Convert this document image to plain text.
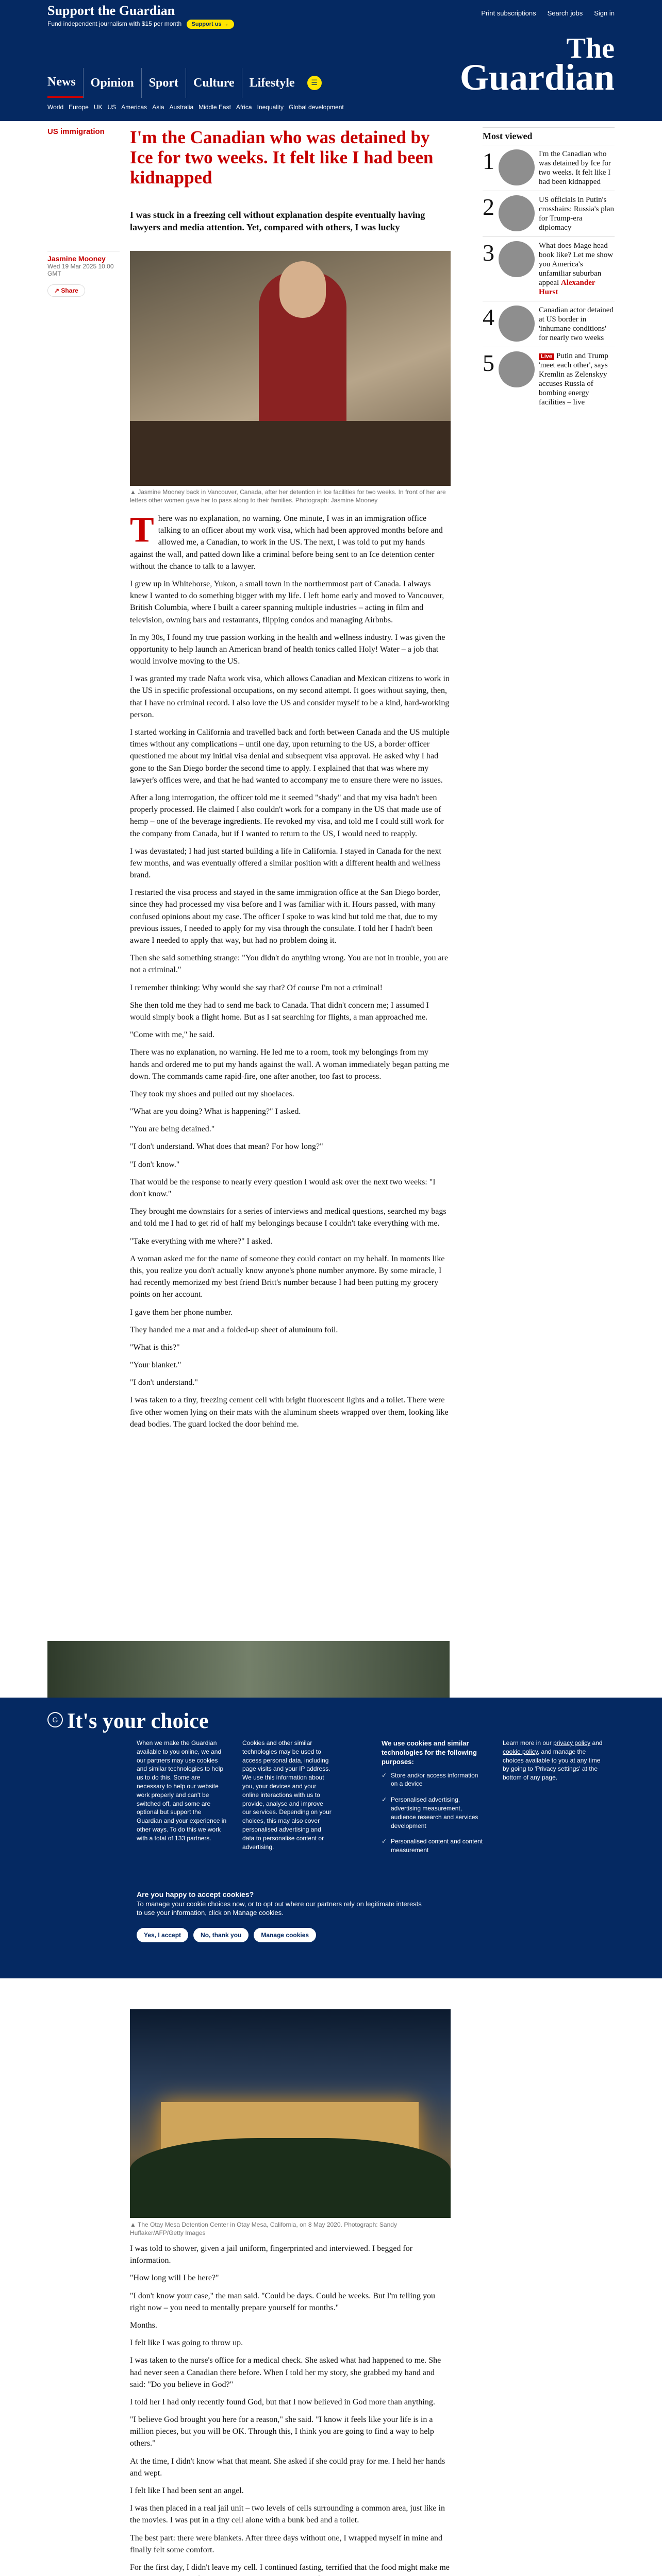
Support the Guardian
Fund independent journalism with $15 per month Support us →
Print subscriptions Search jobs Sign in
The
Guardian
News	Opinion	Sport	Culture	Lifestyle	☰
World Europe UK US Americas Asia Australia Middle East Africa Inequality Global development
US immigration I'm the Canadian who was detained by Ice for two weeks. It felt like I had been kidnapped
I was stuck in a freezing cell without explanation despite eventually having lawyers and media attention. Yet, compared with others, I was lucky
Jasmine Mooney
Wed 19 Mar 2025 10.00 GMT
↗ Share
▲ Jasmine Mooney back in Vancouver, Canada, after her detention in Ice facilities for two weeks. In front of her are letters other women gave her to pass along to their families. Photograph: Jasmine Mooney

There was no explanation, no warning. One minute, I was in an immigration office talking to an officer about my work visa, which had been approved months before and allowed me, a Canadian, to work in the US. The next, I was told to put my hands against the wall, and patted down like a criminal before being sent to an Ice detention center without the chance to talk to a lawyer.

I grew up in Whitehorse, Yukon, a small town in the northernmost part of Canada. I always knew I wanted to do something bigger with my life. I left home early and moved to Vancouver, British Columbia, where I built a career spanning multiple industries – acting in film and television, owning bars and restaurants, flipping condos and managing Airbnbs.

In my 30s, I found my true passion working in the health and wellness industry. I was given the opportunity to help launch an American brand of health tonics called Holy! Water – a job that would involve moving to the US.

I was granted my trade Nafta work visa, which allows Canadian and Mexican citizens to work in the US in specific professional occupations, on my second attempt. It goes without saying, then, that I have no criminal record. I also love the US and consider myself to be a kind, hard-working person.

I started working in California and travelled back and forth between Canada and the US multiple times without any complications – until one day, upon returning to the US, a border officer questioned me about my initial visa denial and subsequent visa approval. He asked why I had gone to the San Diego border the second time to apply. I explained that that was where my lawyer's offices were, and that he had wanted to accompany me to ensure there were no issues.

After a long interrogation, the officer told me it seemed "shady" and that my visa hadn't been properly processed. He claimed I also couldn't work for a company in the US that made use of hemp – one of the beverage ingredients. He revoked my visa, and told me I could still work for the company from Canada, but if I wanted to return to the US, I would need to reapply.

I was devastated; I had just started building a life in California. I stayed in Canada for the next few months, and was eventually offered a similar position with a different health and wellness brand.

I restarted the visa process and stayed in the same immigration office at the San Diego border, since they had processed my visa before and I was familiar with it. Hours passed, with many confused opinions about my case. The officer I spoke to was kind but told me that, due to my previous issues, I needed to apply for my visa through the consulate. I told her I hadn't been aware I needed to apply that way, but had no problem doing it.

Then she said something strange: "You didn't do anything wrong. You are not in trouble, you are not a criminal."

I remember thinking: Why would she say that? Of course I'm not a criminal!

She then told me they had to send me back to Canada. That didn't concern me; I assumed I would simply book a flight home. But as I sat searching for flights, a man approached me.

"Come with me," he said.

There was no explanation, no warning. He led me to a room, took my belongings from my hands and ordered me to put my hands against the wall. A woman immediately began patting me down. The commands came rapid-fire, one after another, too fast to process.

They took my shoes and pulled out my shoelaces.

"What are you doing? What is happening?" I asked.

"You are being detained."

"I don't understand. What does that mean? For how long?"

"I don't know."

That would be the response to nearly every question I would ask over the next two weeks: "I don't know."

They brought me downstairs for a series of interviews and medical questions, searched my bags and told me I had to get rid of half my belongings because I couldn't take everything with me.

"Take everything with me where?" I asked.

A woman asked me for the name of someone they could contact on my behalf. In moments like this, you realize you don't actually know anyone's phone number anymore. By some miracle, I had recently memorized my best friend Britt's number because I had been putting my grocery points on her account.

I gave them her phone number.

They handed me a mat and a folded-up sheet of aluminum foil.

"What is this?"

"Your blanket."

"I don't understand."

I was taken to a tiny, freezing cement cell with bright fluorescent lights and a toilet. There were five other women lying on their mats with the aluminum sheets wrapped over them, looking like dead bodies. The guard locked the door behind me.

Most viewed
1	I'm the Canadian who was detained by Ice for two weeks. It felt like I had been kidnapped
2	US officials in Putin's crosshairs: Russia's plan for Trump-era diplomacy
3	What does Mage head book like? Let me show you America's unfamiliar suburban appeal Alexander Hurst
4	Canadian actor detained at US border in 'inhumane conditions' for nearly two weeks
5	Live Putin and Trump 'meet each other', says Kremlin as Zelenskyy accuses Russia of bombing energy facilities – live
▲ The Otay Mesa Detention Center in Otay Mesa, California, on 8 May 2020. Photograph: Sandy Huffaker/AFP/Getty Images

I was told to shower, given a jail uniform, fingerprinted and interviewed. I begged for information.

"How long will I be here?"

"I don't know your case," the man said. "Could be days. Could be weeks. But I'm telling you right now – you need to mentally prepare yourself for months."

Months.

I felt like I was going to throw up.

I was taken to the nurse's office for a medical check. She asked what had happened to me. She had never seen a Canadian there before. When I told her my story, she grabbed my hand and said: "Do you believe in God?"

I told her I had only recently found God, but that I now believed in God more than anything.

"I believe God brought you here for a reason," she said. "I know it feels like your life is in a million pieces, but you will be OK. Through this, I think you are going to find a way to help others."

At the time, I didn't know what that meant. She asked if she could pray for me. I held her hands and wept.

I felt like I had been sent an angel.

I was then placed in a real jail unit – two levels of cells surrounding a common area, just like in the movies. I was put in a tiny cell alone with a bunk bed and a toilet.

The best part: there were blankets. After three days without one, I wrapped myself in mine and finally felt some comfort.

For the first day, I didn't leave my cell. I continued fasting, terrified that the food might make me

G It's your choice
When we make the Guardian available to you online, we and our partners may use cookies and similar technologies to help us to do this. Some are necessary to help our website work properly and can't be switched off, and some are optional but support the Guardian and your experience in other ways. To do this we work with a total of 133 partners.
Cookies and other similar technologies may be used to access personal data, including page visits and your IP address. We use this information about you, your devices and your online interactions with us to provide, analyse and improve our services. Depending on your choices, this may also cover personalised advertising and data to personalise content or advertising.
We use cookies and similar technologies for the following purposes:
✓ Store and/or access information on a device
✓ Personalised advertising, advertising measurement, audience research and services development
✓ Personalised content and content measurement
Learn more in our privacy policy and cookie policy, and manage the choices available to you at any time by going to 'Privacy settings' at the bottom of any page.
Are you happy to accept cookies?
To manage your cookie choices now, or to opt out where our partners rely on legitimate interests to use your information, click on Manage cookies.
Yes, I accept	No, thank you	Manage cookies
